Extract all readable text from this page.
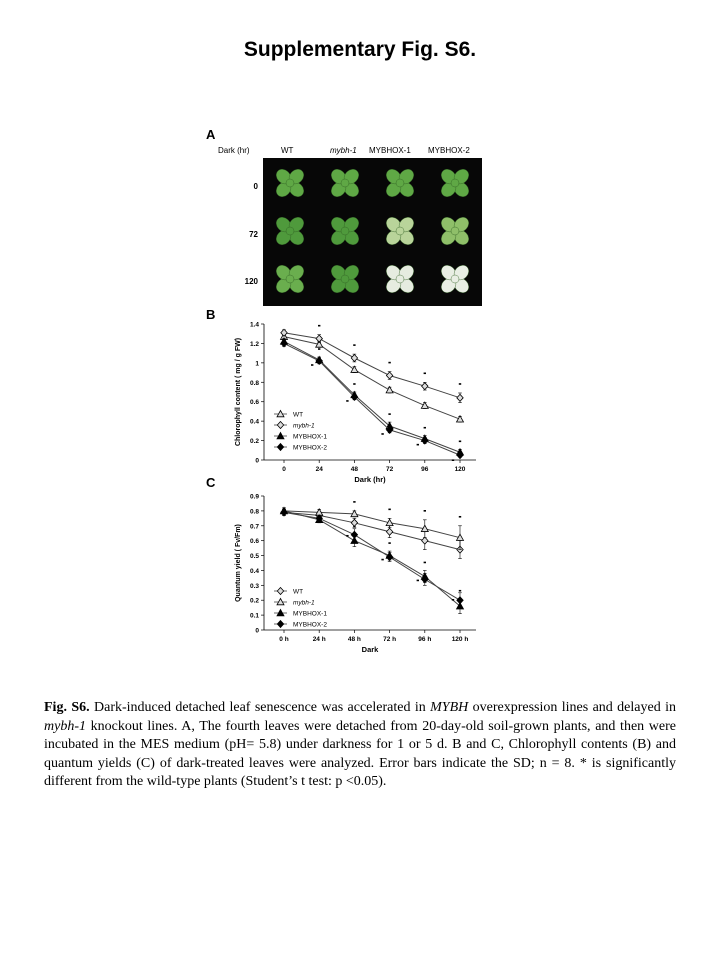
Supplementary Fig. S6.
A
Dark (hr)	WT	mybh-1 MYBHOX-1 MYBHOX-2
0
72
120
B
0
0.2
0.4
0.6
0.8
1
1.2
1.4
0	24	48	72	96	120
Dark (hr)
Chlorophyll content ( mg / g FW)	WT
mybh-1
MYBHOX-1
MYBHOX-2
C
0
0.1
0.2
0.3
0.4
0.5
0.6
0.7
0.8
0.9
0 h	24 h	48 h	72 h	96 h	120 h
Dark
Quantum yield ( Fv/Fm)	WT
mybh-1
MYBHOX-1
MYBHOX-2
Fig. S6. Dark-induced detached leaf senescence was accelerated in MYBH overexpression lines and delayed in mybh-1 knockout lines. A, The fourth leaves were detached from 20-day-old soil-grown plants, and then were incubated in the MES medium (pH= 5.8) under darkness for 1 or 5 d. B and C, Chlorophyll contents (B) and quantum yields (C) of dark-treated leaves were analyzed. Error bars indicate the SD; n = 8. * is significantly different from the wild-type plants (Student’s t test: p <0.05).
